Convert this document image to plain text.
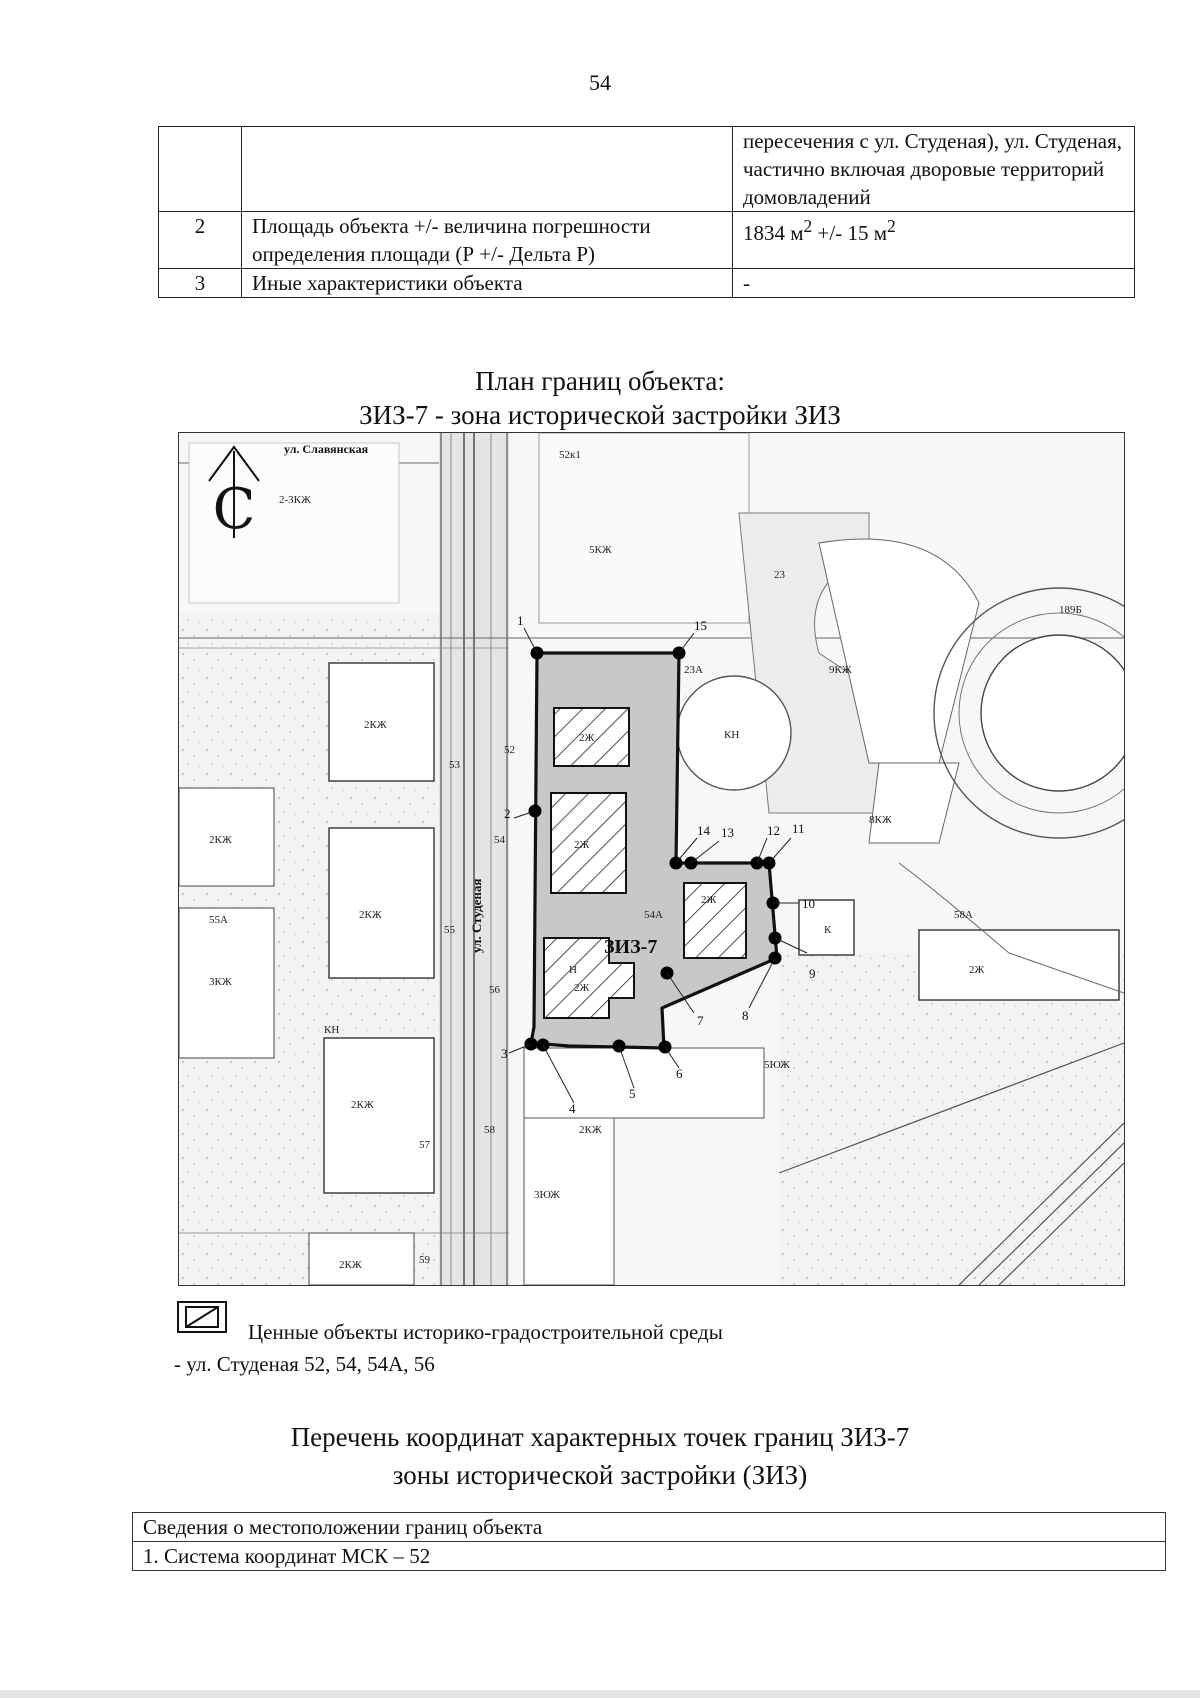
54
		пересечения с ул. Студеная), ул. Студеная, частично включая дворовые территорий домовладений
2	Площадь объекта +/- величина погрешности определения площади (Р +/- Дельта Р)	1834 $м^2$ +/- 15 $м^2$
3	Иные характеристики объекта	-
План границ объекта:
ЗИЗ-7 - зона исторической застройки ЗИЗ
С
ул. Славянская
ул. Студеная	ЗИЗ-7
2-3КЖ
52к1
5КЖ
23
189Б
23А	9КЖ
2КЖ
52
53
2Ж	КН
2КЖ	54	2Ж
8КЖ
2КЖ
55А
55
54А
2Ж
58А
К
3КЖ
Н
2Ж
56
2Ж
КН
2КЖ
5ЮЖ
57
58	2КЖ
3ЮЖ
2КЖ	59
1
2
3
4
5
6
7	8
9
10
11
12
13
14
15
Ценные объекты историко-градостроительной среды
- ул. Студеная 52, 54, 54А, 56
Перечень координат характерных точек границ ЗИЗ-7
зоны исторической застройки (ЗИЗ)
Сведения о местоположении границ объекта
1. Система координат МСК – 52
